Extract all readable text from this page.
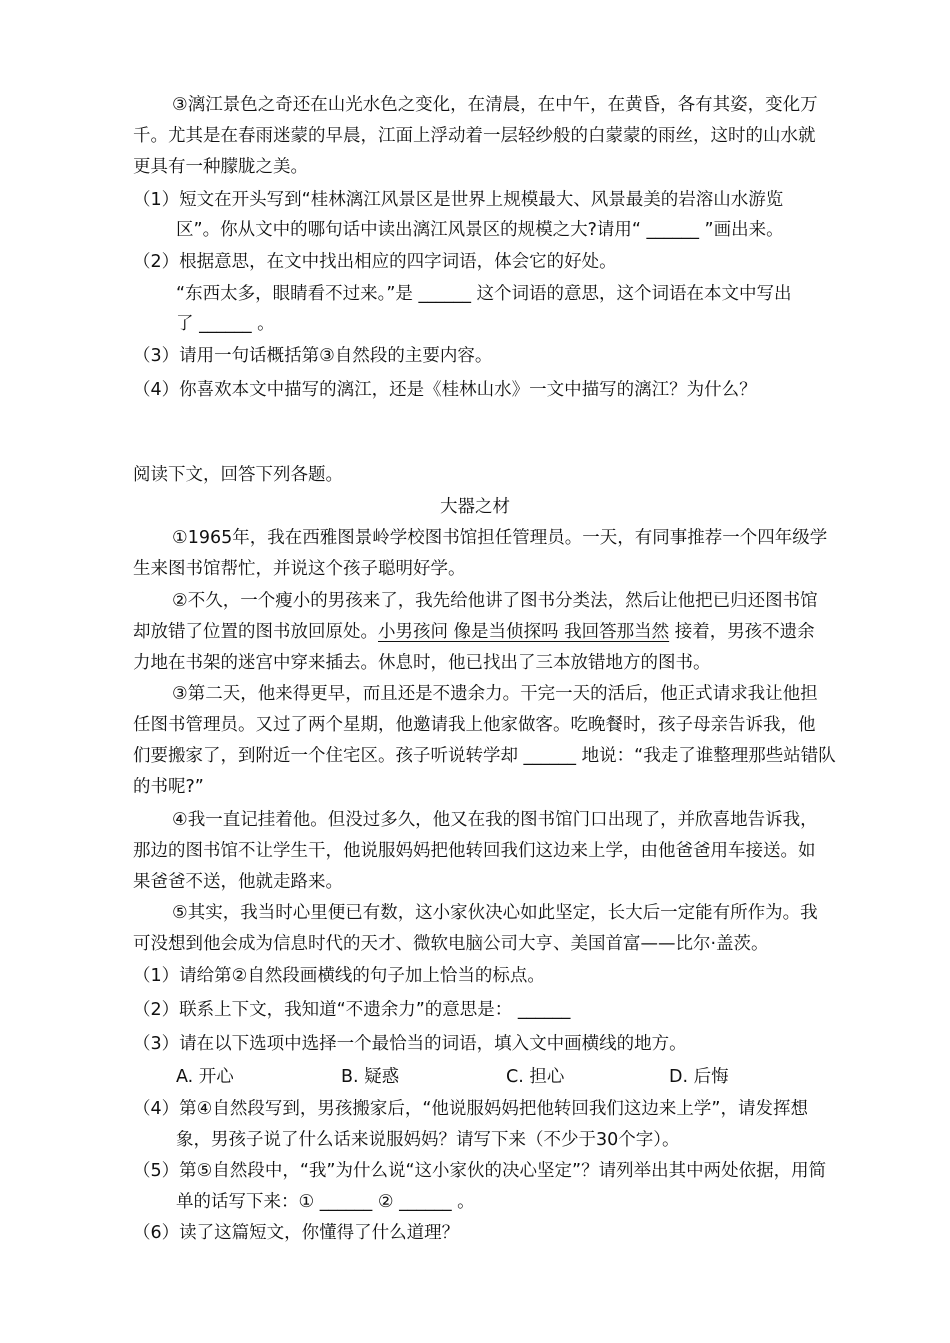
③漓江景色之奇还在山光水色之变化，在清晨，在中午，在黄昏，各有其姿，变化万
千。尤其是在春雨迷蒙的早晨，江面上浮动着一层轻纱般的白蒙蒙的雨丝，这时的山水就
更具有一种朦胧之美。
（1）短文在开头写到“桂林漓江风景区是世界上规模最大、风景最美的岩溶山水游览
区”。你从文中的哪句话中读出漓江风景区的规模之大?请用“ ______ ”画出来。
（2）根据意思，在文中找出相应的四字词语，体会它的好处。
“东西太多，眼睛看不过来。”是 ______ 这个词语的意思，这个词语在本文中写出
了 ______ 。
（3）请用一句话概括第③自然段的主要内容。
（4）你喜欢本文中描写的漓江，还是《桂林山水》一文中描写的漓江？为什么？
阅读下文，回答下列各题。
大器之材
①1965年，我在西雅图景岭学校图书馆担任管理员。一天，有同事推荐一个四年级学
生来图书馆帮忙，并说这个孩子聪明好学。
②不久，一个瘦小的男孩来了，我先给他讲了图书分类法，然后让他把已归还图书馆
却放错了位置的图书放回原处。小男孩问 像是当侦探吗 我回答那当然 接着，男孩不遗余
力地在书架的迷宫中穿来插去。休息时，他已找出了三本放错地方的图书。
③第二天，他来得更早，而且还是不遗余力。干完一天的活后，他正式请求我让他担
任图书管理员。又过了两个星期，他邀请我上他家做客。吃晚餐时，孩子母亲告诉我，他
们要搬家了，到附近一个住宅区。孩子听说转学却 ______ 地说：“我走了谁整理那些站错队
的书呢?”
④我一直记挂着他。但没过多久，他又在我的图书馆门口出现了，并欣喜地告诉我，
那边的图书馆不让学生干，他说服妈妈把他转回我们这边来上学，由他爸爸用车接送。如
果爸爸不送，他就走路来。
⑤其实，我当时心里便已有数，这小家伙决心如此坚定，长大后一定能有所作为。我
可没想到他会成为信息时代的天才、微软电脑公司大亨、美国首富——比尔·盖茨。
（1）请给第②自然段画横线的句子加上恰当的标点。
（2）联系上下文，我知道“不遗余力”的意思是： ______
（3）请在以下选项中选择一个最恰当的词语，填入文中画横线的地方。
A. 开心	B. 疑惑	C. 担心	D. 后悔
（4）第④自然段写到，男孩搬家后，“他说服妈妈把他转回我们这边来上学”，请发挥想
象，男孩子说了什么话来说服妈妈？请写下来（不少于30个字）。
（5）第⑤自然段中，“我”为什么说“这小家伙的决心坚定”？请列举出其中两处依据，用简
单的话写下来：① ______ ② ______ 。
（6）读了这篇短文，你懂得了什么道理？
